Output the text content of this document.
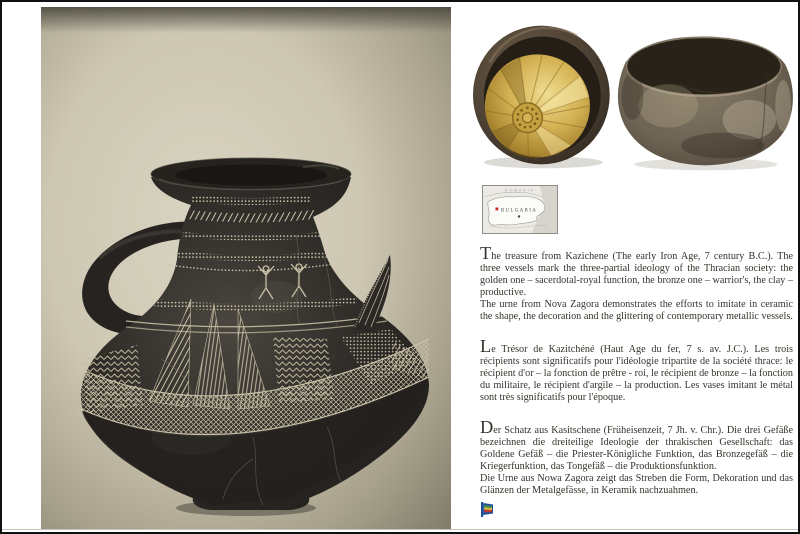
ROMANIA
BULGARIA

The treasure from Kazichene (The early Iron Age, 7 century B.C.). The three vessels mark the three-partial ideology of the Thracian society: the golden one – sacerdotal-royal function, the bronze one – warrior's, the clay – productive.

The urne from Nova Zagora demonstrates the efforts to imitate in ceramic the shape, the decoration and the glittering of contemporary metallic vessels.

Le Trésor de Kazitchéné (Haut Age du fer, 7 s. av. J.C.). Les trois récipients sont significatifs pour l'idéologie tripartite de la société thrace: le récipient d'or – la fonction de prêtre - roi, le récipient de bronze – la fonction du militaire, le récipient d'argile – la production. Les vases imitant le métal sont très significatifs pour l'époque.

Der Schatz aus Kasitschene (Früheisenzeit, 7 Jh. v. Chr.). Die drei Gefäße bezeichnen die dreiteilige Ideologie der thrakischen Gesellschaft: das Goldene Gefäß – die Priester-Königliche Funktion, das Bronzegefäß – die Kriegerfunktion, das Tongefäß – die Produktionsfunktion.

Die Urne aus Nowa Zagora zeigt das Streben die Form, Dekoration und das Glänzen der Metalgefässe, in Keramik nachzuahmen.
